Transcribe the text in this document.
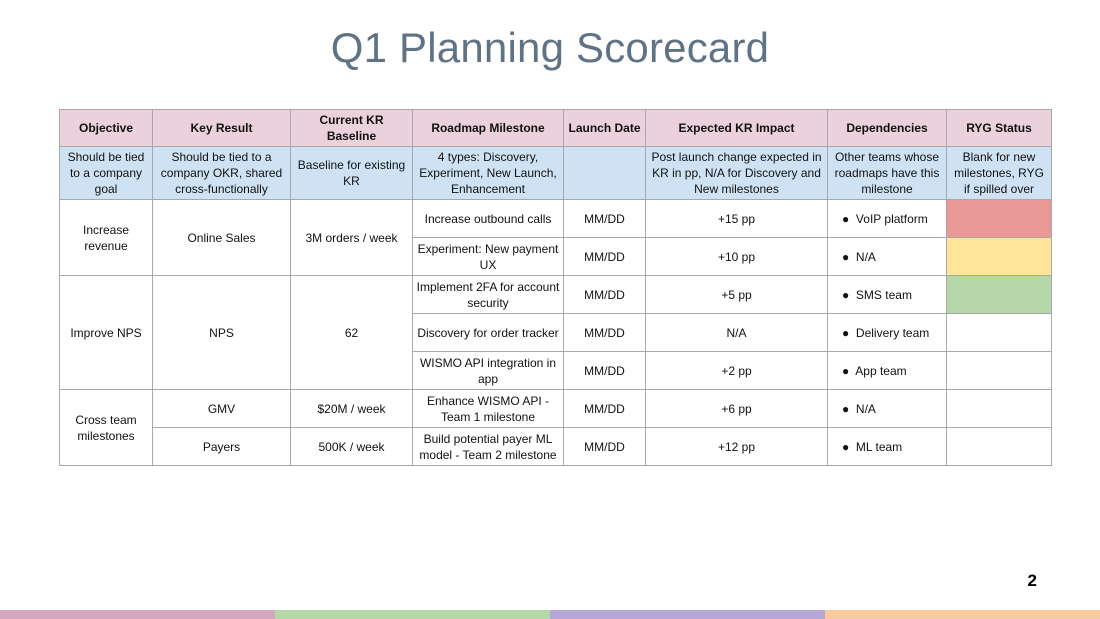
Q1 Planning Scorecard
Objective	Key Result	Current KR Baseline	Roadmap Milestone	Launch Date	Expected KR Impact	Dependencies	RYG Status
Should be tied to a company goal	Should be tied to a company OKR, shared cross-functionally	Baseline for existing KR	4 types: Discovery, Experiment, New Launch, Enhancement		Post launch change expected in KR in pp, N/A for Discovery and New milestones	Other teams whose roadmaps have this milestone	Blank for new milestones, RYG if spilled over
Increase revenue	Online Sales	3M orders / week	Increase outbound calls	MM/DD	+15 pp	●  VoIP platform	
			Experiment: New payment UX	MM/DD	+10 pp	●  N/A	
Improve NPS	NPS	62	Implement 2FA for account security	MM/DD	+5 pp	●  SMS team	
			Discovery for order tracker	MM/DD	N/A	●  Delivery team	
			WISMO API integration in app	MM/DD	+2 pp	●  App team	
Cross team milestones	GMV	$20M / week	Enhance WISMO API - Team 1 milestone	MM/DD	+6 pp	●  N/A	
	Payers	500K / week	Build potential payer ML model - Team 2 milestone	MM/DD	+12 pp	●  ML team	
2
